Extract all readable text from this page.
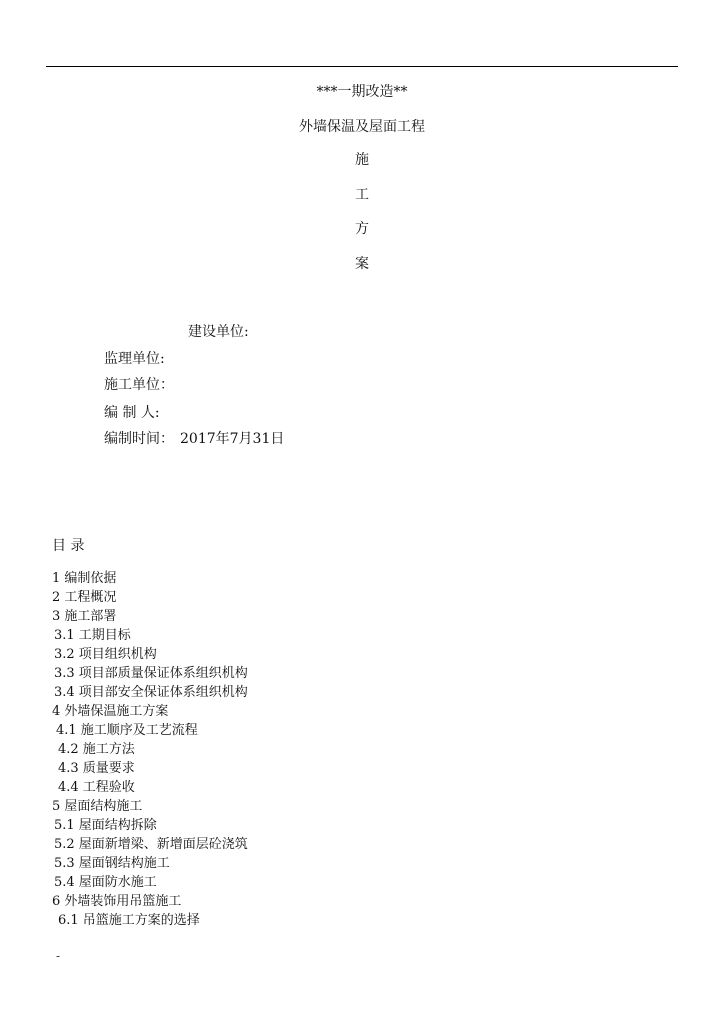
***一期改造**
外墙保温及屋面工程
施
工
方
案
建设单位:
监理单位:
施工单位：
编 制 人:
编制时间： 2017年7月31日
目 录
1 编制依据
2 工程概况
3 施工部署
3.1 工期目标
3.2 项目组织机构
3.3 项目部质量保证体系组织机构
3.4 项目部安全保证体系组织机构
4 外墙保温施工方案
4.1 施工顺序及工艺流程
4.2 施工方法
4.3 质量要求
4.4 工程验收
5 屋面结构施工
5.1 屋面结构拆除
5.2 屋面新增梁、新增面层砼浇筑
5.3 屋面钢结构施工
5.4 屋面防水施工
6 外墙装饰用吊篮施工
6.1 吊篮施工方案的选择
-
